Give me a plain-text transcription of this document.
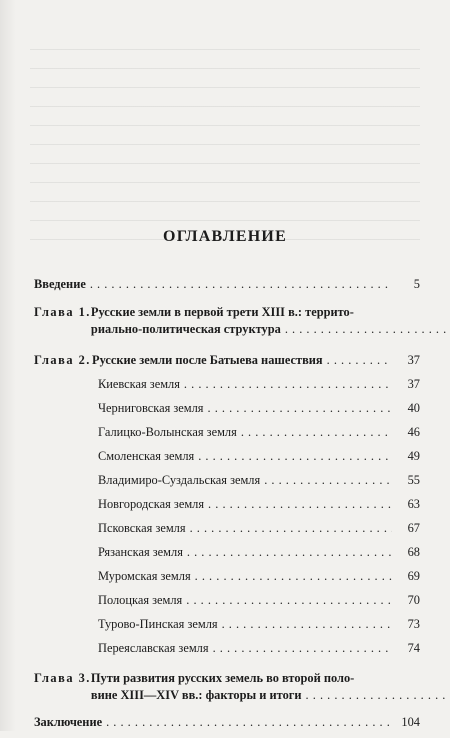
ОГЛАВЛЕНИЕ
Введение . . .	5
Глава 1. Русские земли в первой трети XIII в.: террито-
риально-политическая структура
. . .
Глава 2. Русские земли после Батыева нашествия . . .	37
Киевская земля . . .	37
Черниговская земля . . .	40
Галицко-Волынская земля . . .	46
Смоленская земля . . .	49
Владимиро-Суздальская земля . . .	55
Новгородская земля . . .	63
Псковская земля . . .	67
Рязанская земля . . .	68
Муромская земля . . .	69
Полоцкая земля . . .	70
Турово-Пинская земля . . .	73
Переяславская земля . . .	74
Глава 3. Пути развития русских земель во второй поло-
вине XIII—XIV вв.: факторы и итоги
. . .
Заключение . . .	104
